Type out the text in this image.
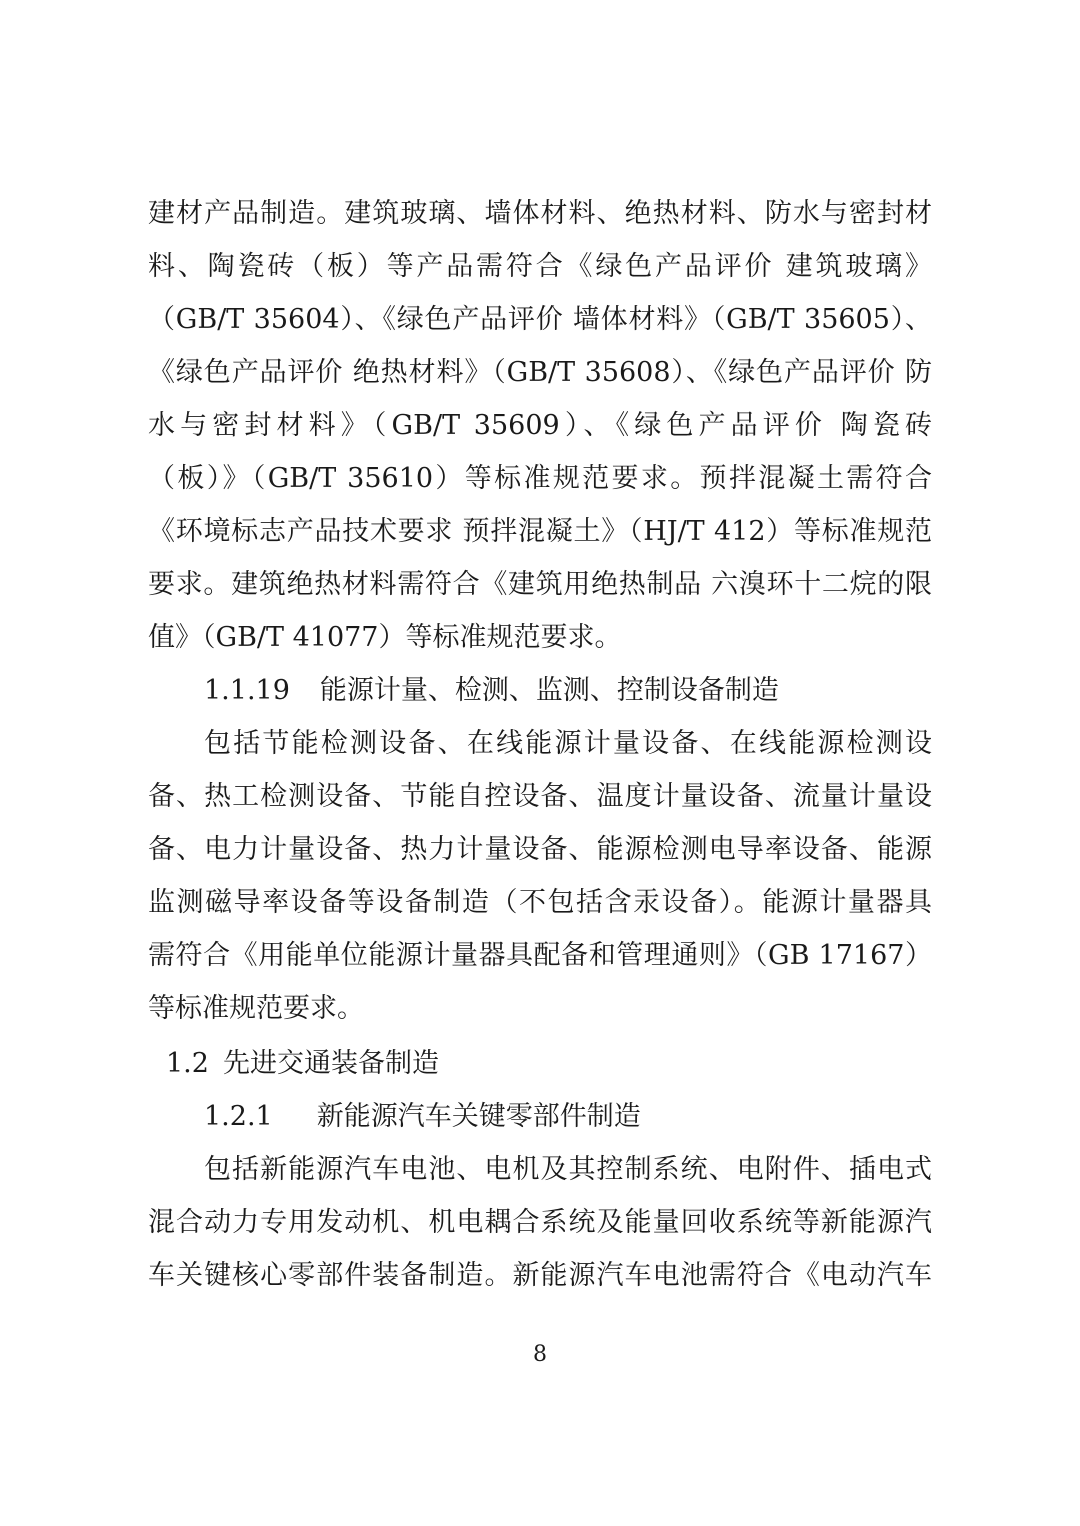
建材产品制造。建筑玻璃、墙体材料、绝热材料、防水与密封材
料、陶瓷砖（板）等产品需符合《绿色产品评价 建筑玻璃》
（GB/T 35604）、《绿色产品评价 墙体材料》（GB/T 35605）、
《绿色产品评价 绝热材料》（GB/T 35608）、《绿色产品评价 防
水与密封材料》（GB/T 35609）、《绿色产品评价 陶瓷砖
（板）》（GB/T 35610）等标准规范要求。预拌混凝土需符合
《环境标志产品技术要求 预拌混凝土》（HJ/T 412）等标准规范
要求。建筑绝热材料需符合《建筑用绝热制品 六溴环十二烷的限
值》（GB/T 41077）等标准规范要求。
1.1.19 能源计量、检测、监测、控制设备制造
包括节能检测设备、在线能源计量设备、在线能源检测设
备、热工检测设备、节能自控设备、温度计量设备、流量计量设
备、电力计量设备、热力计量设备、能源检测电导率设备、能源
监测磁导率设备等设备制造（不包括含汞设备）。能源计量器具
需符合《用能单位能源计量器具配备和管理通则》（GB 17167）
等标准规范要求。
1.2 先进交通装备制造
1.2.1 新能源汽车关键零部件制造
包括新能源汽车电池、电机及其控制系统、电附件、插电式
混合动力专用发动机、机电耦合系统及能量回收系统等新能源汽
车关键核心零部件装备制造。新能源汽车电池需符合《电动汽车
8
